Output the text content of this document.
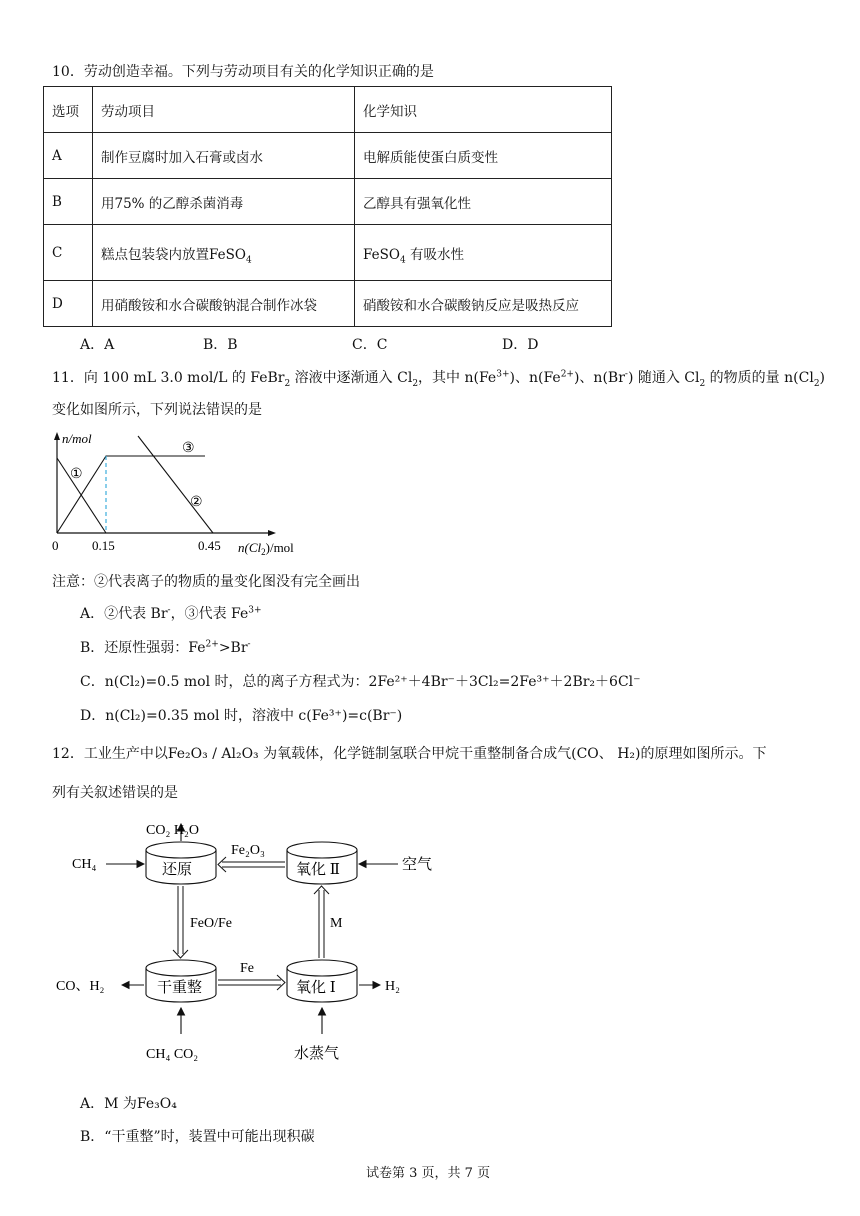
10．劳动创造幸福。下列与劳动项目有关的化学知识正确的是
选项	劳动项目	化学知识
A	制作豆腐时加入石膏或卤水	电解质能使蛋白质变性
B	用75% 的乙醇杀菌消毒	乙醇具有强氧化性
C	糕点包装袋内放置FeSO$_4$	FeSO$_4$ 有吸水性
D	用硝酸铵和水合碳酸钠混合制作冰袋	硝酸铵和水合碳酸钠反应是吸热反应
A．A	B．B	C．C	D．D
11．向 100 mL 3.0 mol/L 的 FeBr$_2$ 溶液中逐渐通入 $Cl_2$，其中 $n(Fe^{3+})$、$n(Fe^{2+})$、n(Br-) 随通入 $Cl_2$ 的物质的量 $n(Cl_2)$
变化如图所示，下列说法错误的是
n/mol
①
②
③
0	0.15	0.45 $n(Cl_2)$/mol
注意：②代表离子的物质的量变化图没有完全画出
A．②代表 Br-，③代表 $Fe^{3+}$
B．还原性强弱：$Fe^{2+}>Br^-$
C．n(Cl₂)=0.5 mol 时，总的离子方程式为：2Fe²⁺＋4Br⁻＋3Cl₂=2Fe³⁺＋2Br₂＋6Cl⁻
D．n(Cl₂)=0.35 mol 时，溶液中 c(Fe³⁺)=c(Br⁻)
12．工业生产中以Fe₂O₃ / Al₂O₃ 为氧载体，化学链制氢联合甲烷干重整制备合成气(CO、 H₂)的原理如图所示。下
列有关叙述错误的是
还原	氧化 Ⅱ
干重整	氧化 Ⅰ
CO₂ H₂O
CH₄
Fe₂O₃
空气
FeO/Fe	M
Fe
CO、H₂	H₂
CH₄ CO₂	水蒸气
A．M 为Fe₃O₄
B．“干重整”时，装置中可能出现积碳
试卷第 3 页，共 7 页
